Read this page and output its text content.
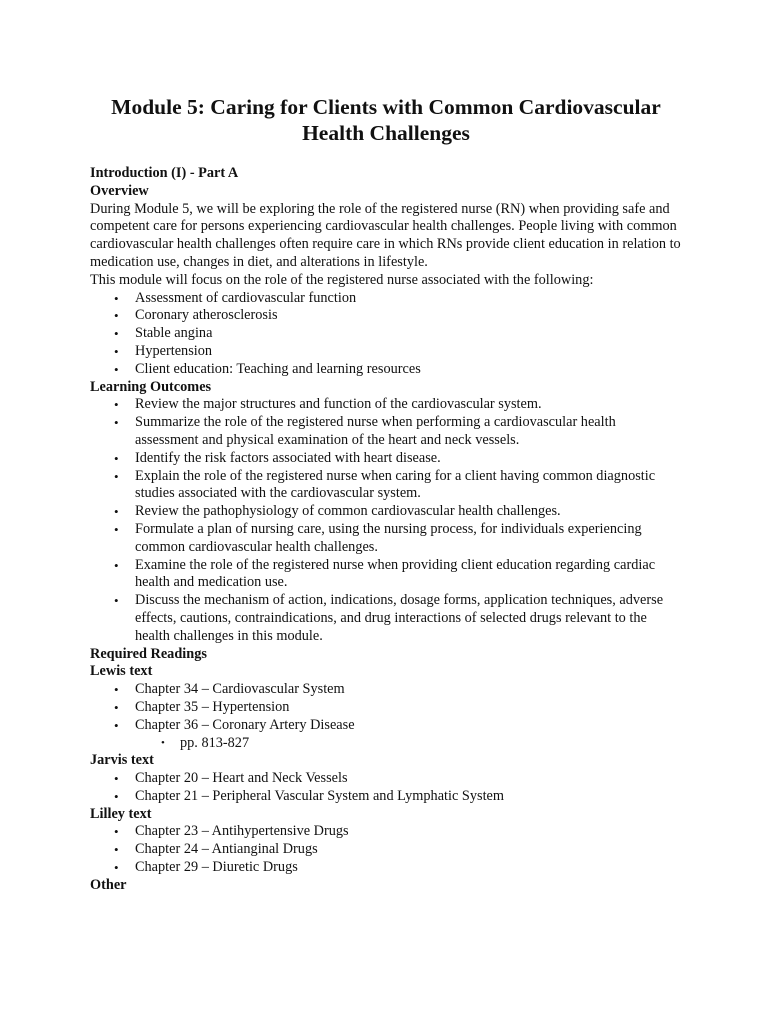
Module 5: Caring for Clients with Common Cardiovascular
Health Challenges
Introduction (I) - Part A
Overview

During Module 5, we will be exploring the role of the registered nurse (RN) when providing safe and competent care for persons experiencing cardiovascular health challenges. People living with common cardiovascular health challenges often require care in which RNs provide client education in relation to medication use, changes in diet, and alterations in lifestyle.

This module will focus on the role of the registered nurse associated with the following:

• Assessment of cardiovascular function
• Coronary atherosclerosis
• Stable angina
• Hypertension
• Client education: Teaching and learning resources
Learning Outcomes
• Review the major structures and function of the cardiovascular system.
• Summarize the role of the registered nurse when performing a cardiovascular health assessment and physical examination of the heart and neck vessels.
• Identify the risk factors associated with heart disease.
• Explain the role of the registered nurse when caring for a client having common diagnostic studies associated with the cardiovascular system.
• Review the pathophysiology of common cardiovascular health challenges.
• Formulate a plan of nursing care, using the nursing process, for individuals experiencing common cardiovascular health challenges.
• Examine the role of the registered nurse when providing client education regarding cardiac health and medication use.
• Discuss the mechanism of action, indications, dosage forms, application techniques, adverse effects, cautions, contraindications, and drug interactions of selected drugs relevant to the health challenges in this module.
Required Readings
Lewis text
• Chapter 34 – Cardiovascular System
• Chapter 35 – Hypertension
• Chapter 36 – Coronary Artery Disease
• pp. 813-827
Jarvis text
• Chapter 20 – Heart and Neck Vessels
• Chapter 21 – Peripheral Vascular System and Lymphatic System
Lilley text
• Chapter 23 – Antihypertensive Drugs
• Chapter 24 – Antianginal Drugs
• Chapter 29 – Diuretic Drugs
Other
